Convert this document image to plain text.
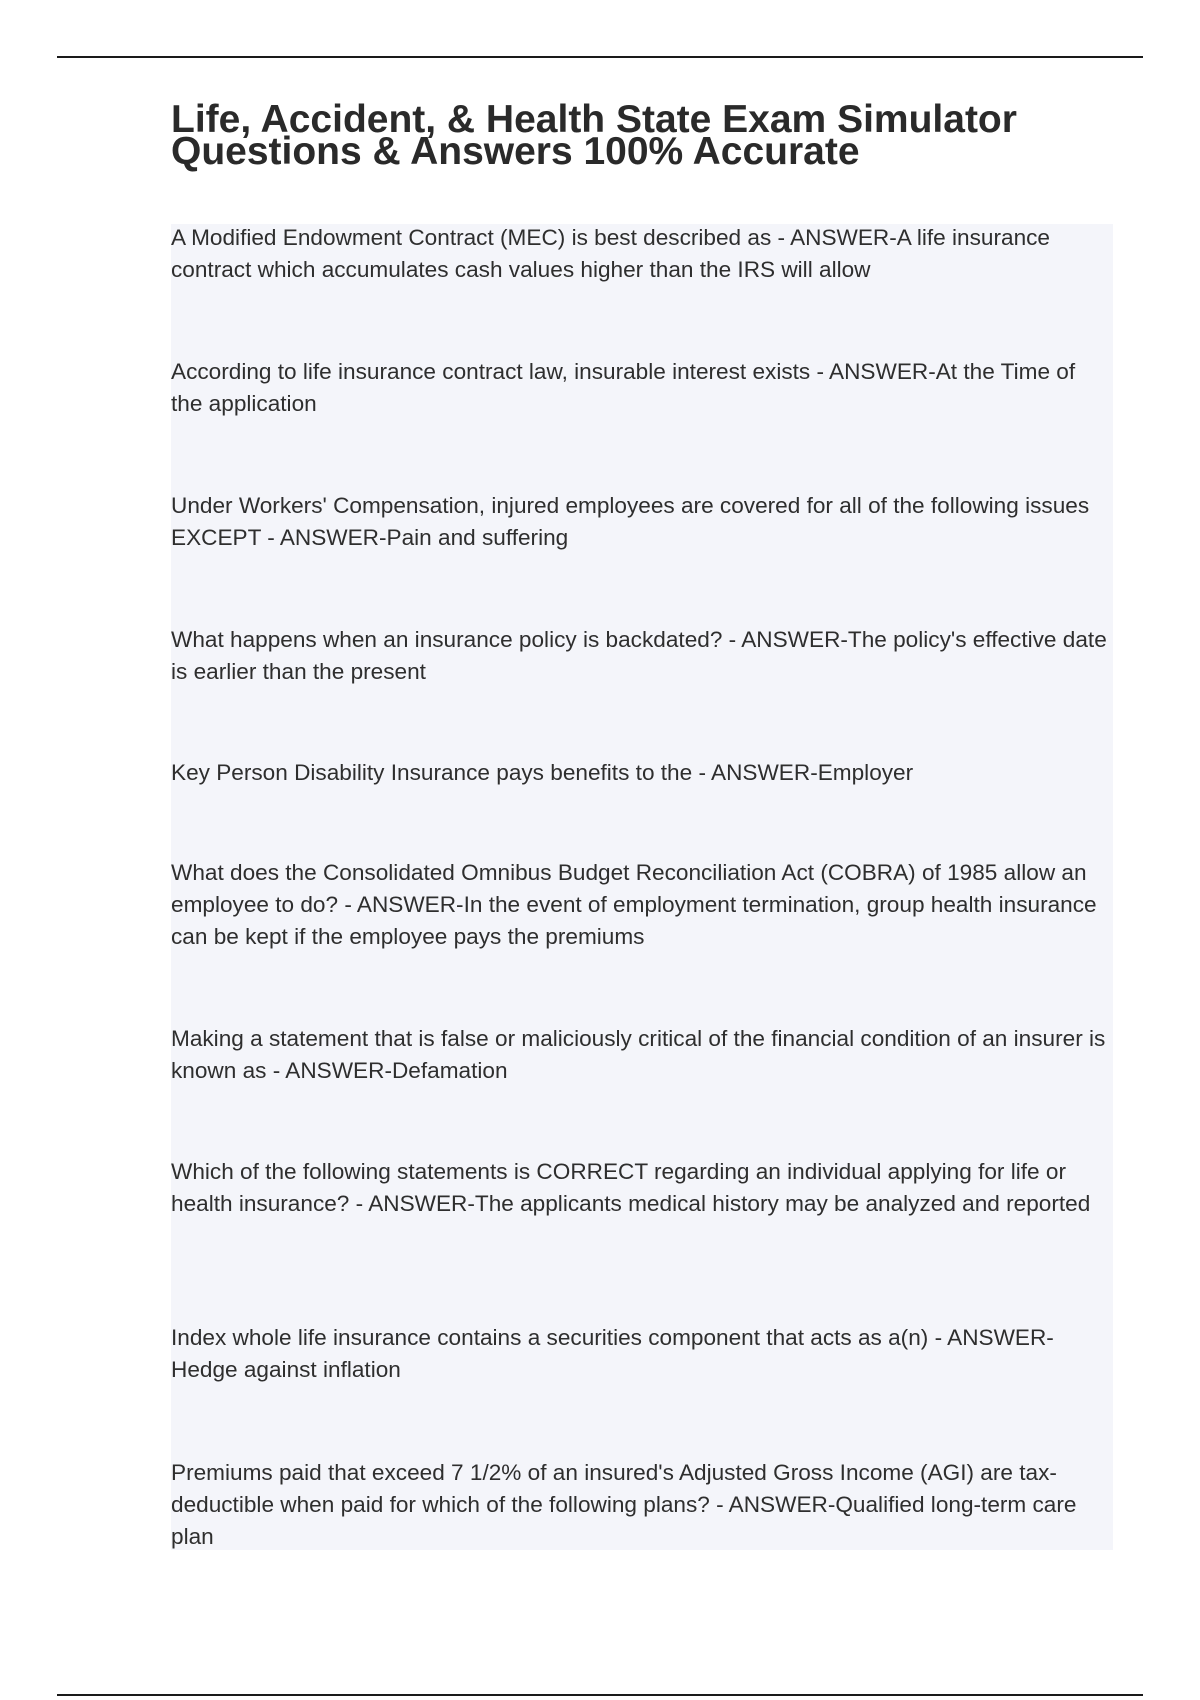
Life, Accident, & Health State Exam Simulator
Questions & Answers 100% Accurate

A Modified Endowment Contract (MEC) is best described as - ANSWER-A life insurance contract which accumulates cash values higher than the IRS will allow

According to life insurance contract law, insurable interest exists - ANSWER-At the Time of the application

Under Workers' Compensation, injured employees are covered for all of the following issues EXCEPT - ANSWER-Pain and suffering

What happens when an insurance policy is backdated? - ANSWER-The policy's effective date is earlier than the present

Key Person Disability Insurance pays benefits to the - ANSWER-Employer

What does the Consolidated Omnibus Budget Reconciliation Act (COBRA) of 1985 allow an employee to do? - ANSWER-In the event of employment termination, group health insurance can be kept if the employee pays the premiums

Making a statement that is false or maliciously critical of the financial condition of an insurer is known as - ANSWER-Defamation

Which of the following statements is CORRECT regarding an individual applying for life or health insurance? - ANSWER-The applicants medical history may be analyzed and reported

Index whole life insurance contains a securities component that acts as a(n) - ANSWER-Hedge against inflation

Premiums paid that exceed 7 1/2% of an insured's Adjusted Gross Income (AGI) are tax-deductible when paid for which of the following plans? - ANSWER-Qualified long-term care plan
